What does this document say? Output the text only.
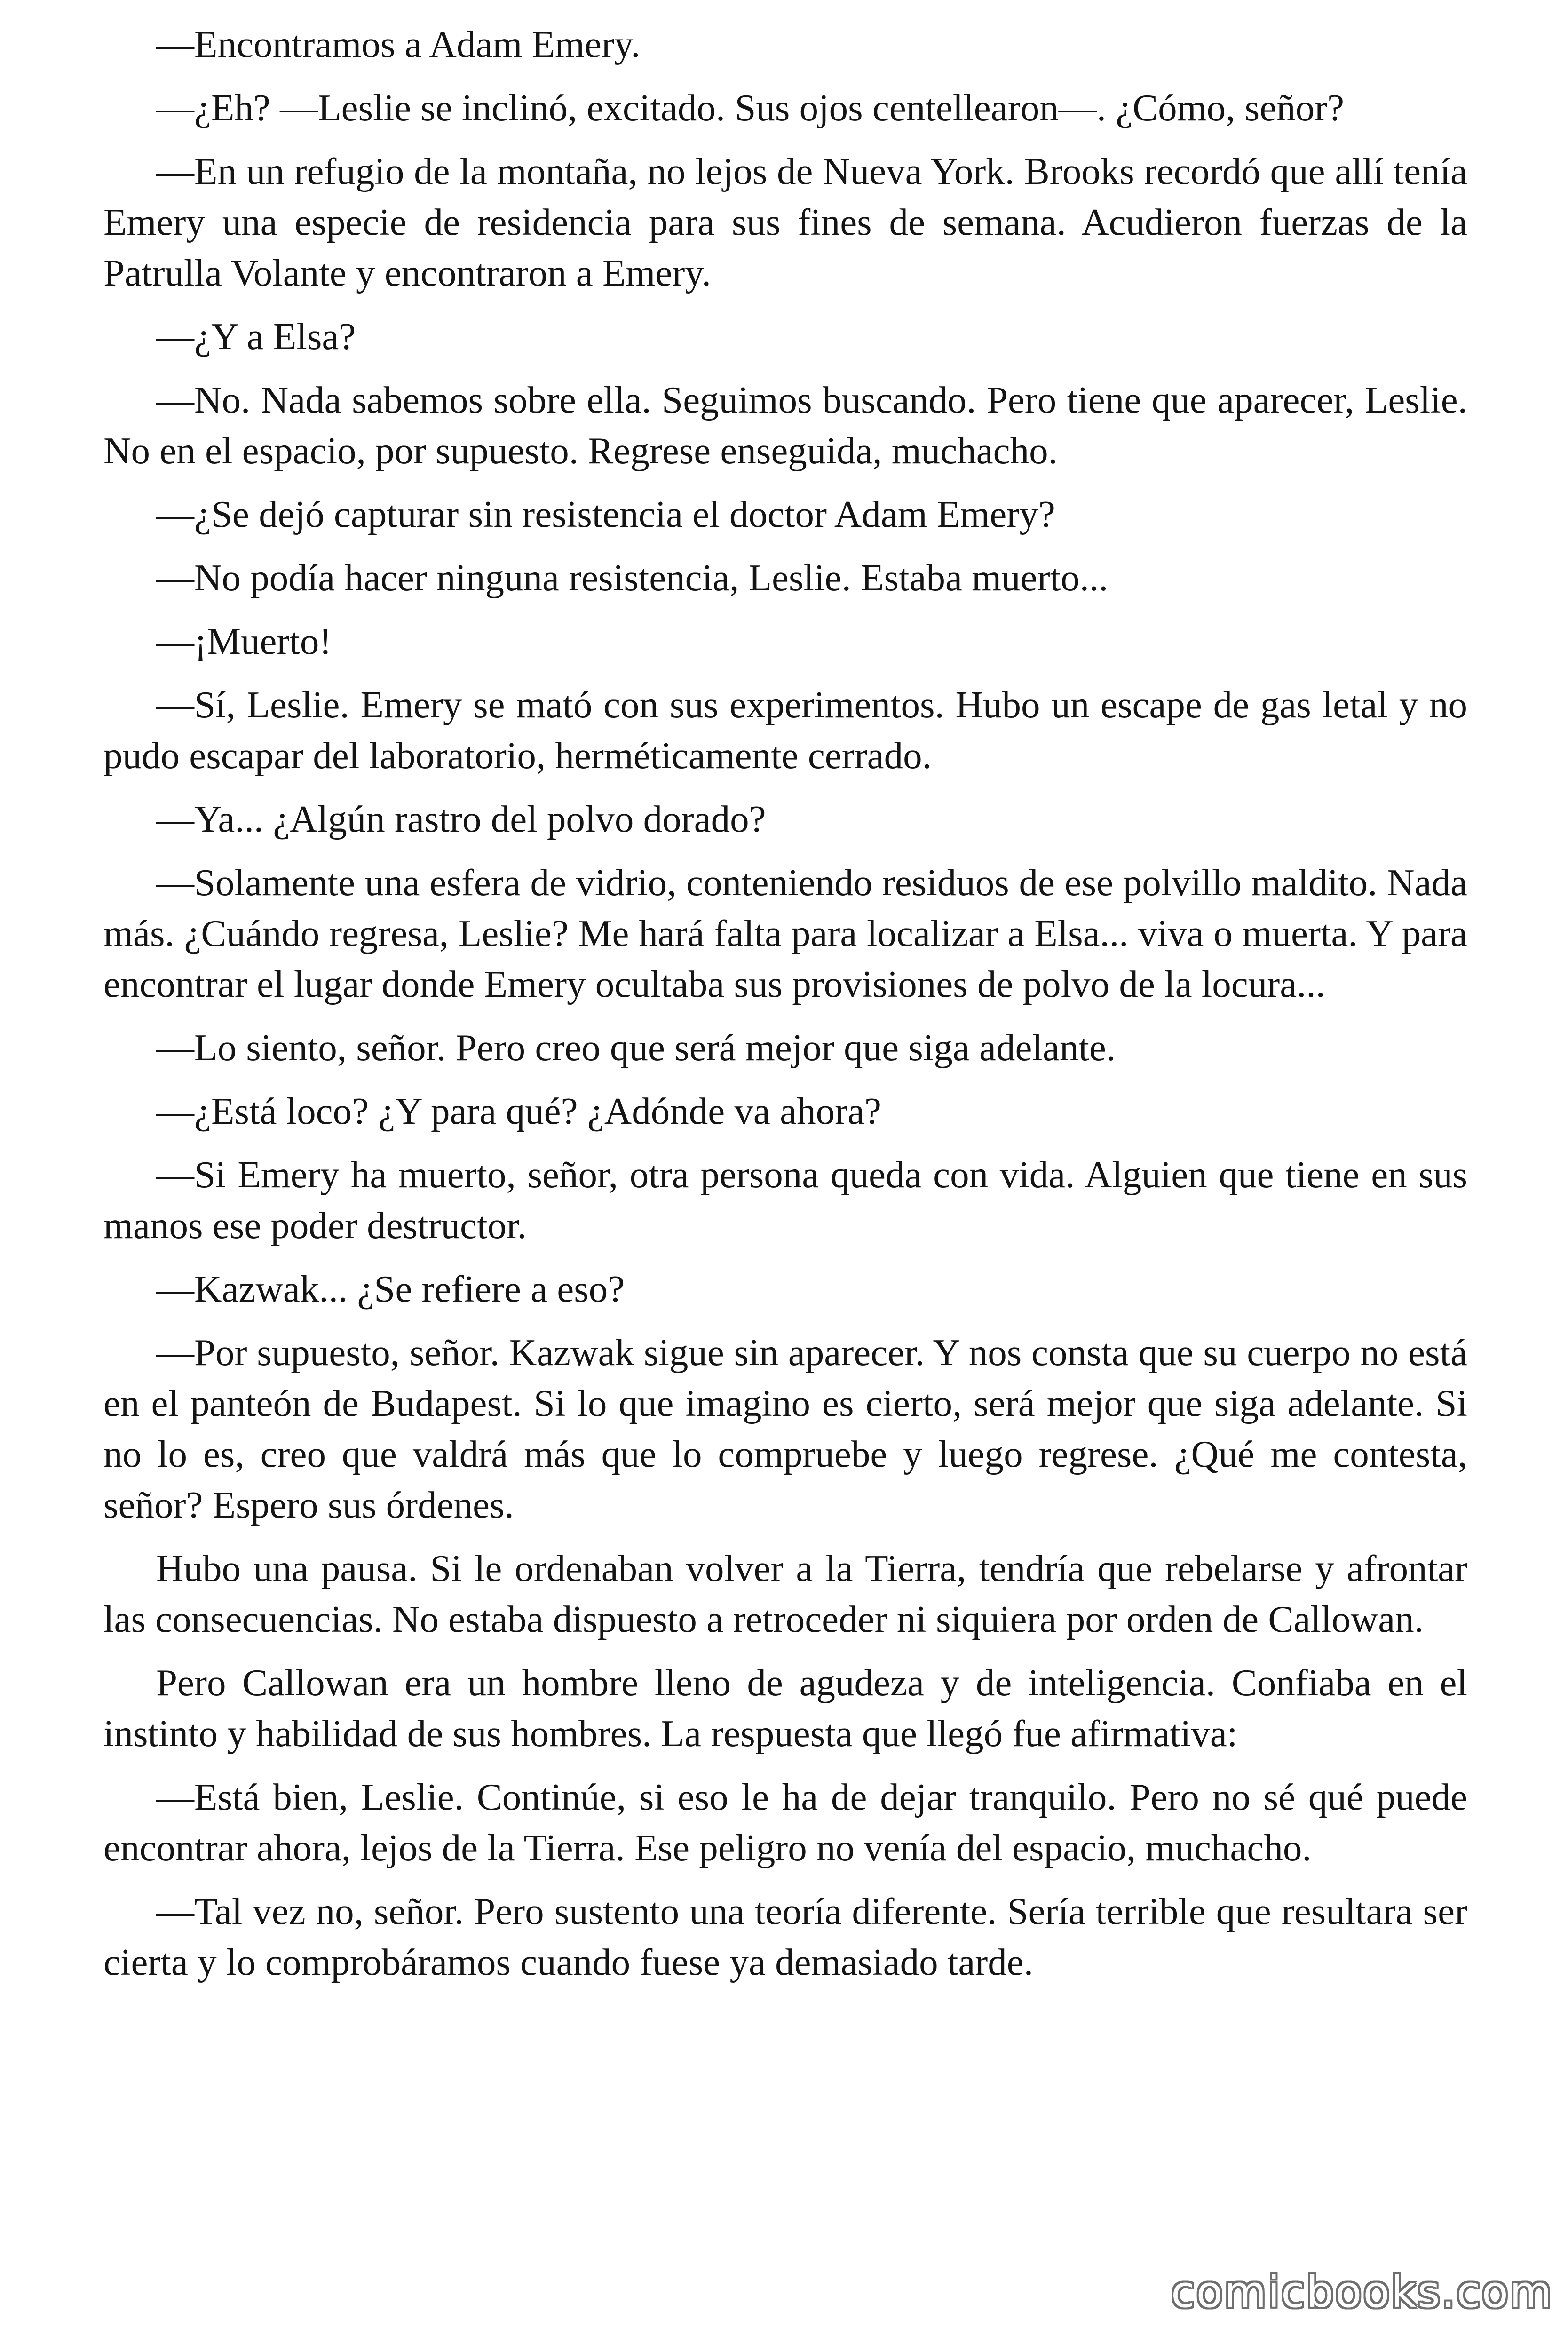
—Encontramos a Adam Emery.

—¿Eh? —Leslie se inclinó, excitado. Sus ojos centellearon—. ¿Cómo, señor?

—En un refugio de la montaña, no lejos de Nueva York. Brooks recordó que allí tenía Emery una especie de residencia para sus fines de semana. Acudieron fuerzas de la Patrulla Volante y encontraron a Emery.

—¿Y a Elsa?

—No. Nada sabemos sobre ella. Seguimos buscando. Pero tiene que aparecer, Leslie. No en el espacio, por supuesto. Regrese enseguida, muchacho.

—¿Se dejó capturar sin resistencia el doctor Adam Emery?

—No podía hacer ninguna resistencia, Leslie. Estaba muerto...

—¡Muerto!

—Sí, Leslie. Emery se mató con sus experimentos. Hubo un escape de gas letal y no pudo escapar del laboratorio, herméticamente cerrado.

—Ya... ¿Algún rastro del polvo dorado?

—Solamente una esfera de vidrio, conteniendo residuos de ese polvillo maldito. Nada más. ¿Cuándo regresa, Leslie? Me hará falta para localizar a Elsa... viva o muerta. Y para encontrar el lugar donde Emery ocultaba sus provisiones de polvo de la locura...

—Lo siento, señor. Pero creo que será mejor que siga adelante.

—¿Está loco? ¿Y para qué? ¿Adónde va ahora?

—Si Emery ha muerto, señor, otra persona queda con vida. Alguien que tiene en sus manos ese poder destructor.

—Kazwak... ¿Se refiere a eso?

—Por supuesto, señor. Kazwak sigue sin aparecer. Y nos consta que su cuerpo no está en el panteón de Budapest. Si lo que imagino es cierto, será mejor que siga adelante. Si no lo es, creo que valdrá más que lo compruebe y luego regrese. ¿Qué me contesta, señor? Espero sus órdenes.

Hubo una pausa. Si le ordenaban volver a la Tierra, tendría que rebelarse y afrontar las consecuencias. No estaba dispuesto a retroceder ni siquiera por orden de Callowan.

Pero Callowan era un hombre lleno de agudeza y de inteligencia. Confiaba en el instinto y habilidad de sus hombres. La respuesta que llegó fue afirmativa:

—Está bien, Leslie. Continúe, si eso le ha de dejar tranquilo. Pero no sé qué puede encontrar ahora, lejos de la Tierra. Ese peligro no venía del espacio, muchacho.

—Tal vez no, señor. Pero sustento una teoría diferente. Sería terrible que resultara ser cierta y lo comprobáramos cuando fuese ya demasiado tarde.

comicbooks.com
